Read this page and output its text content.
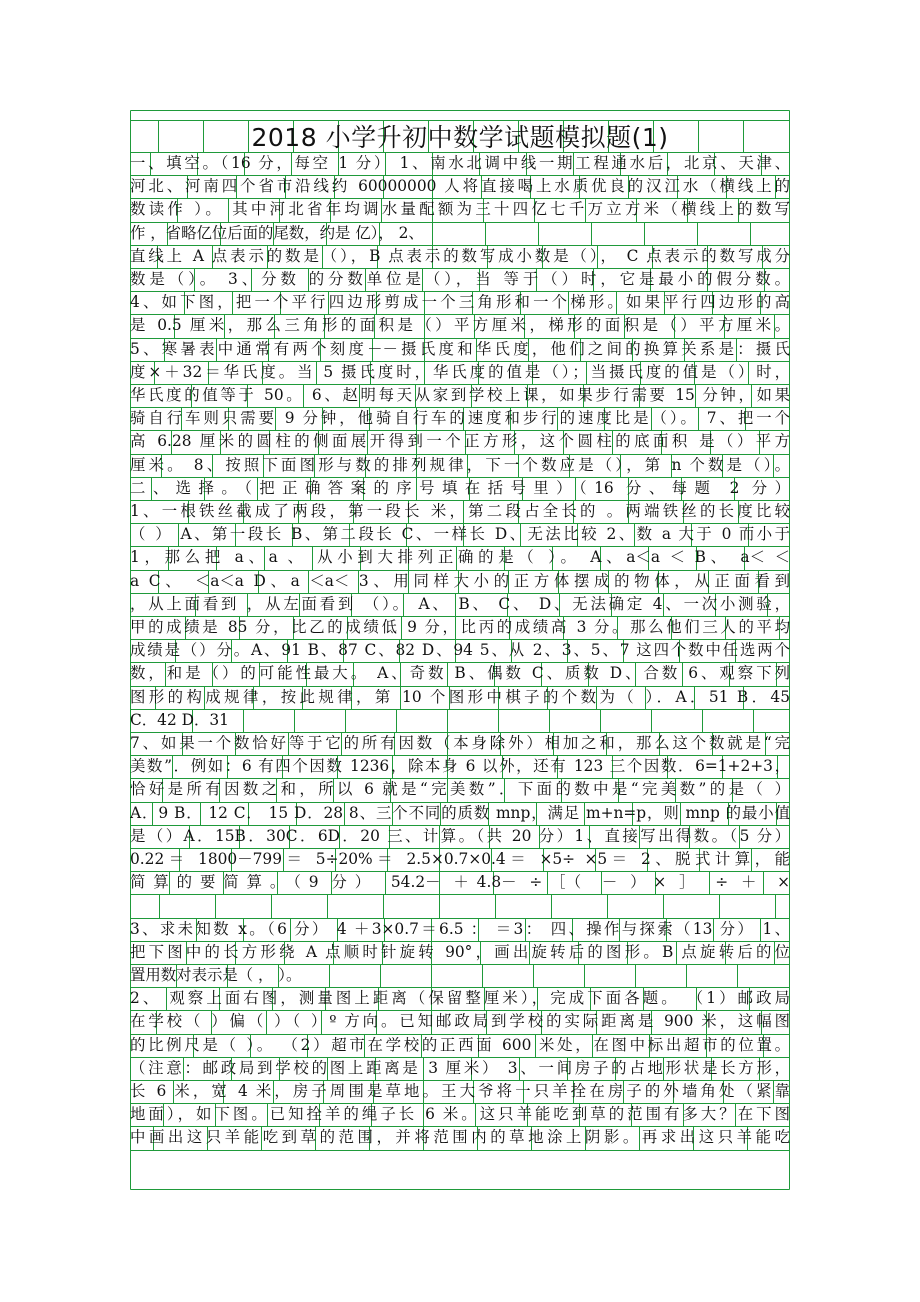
2018 小学升初中数学试题模拟题(1)
一、填空。（16 分，每空 1 分） 1、南水北调中线一期工程通水后，北京、天津、
河北、河南四个省市沿线约 60000000 人将直接喝上水质优良的汉江水（横线上的
数读作 ）。 其中河北省年均调水量配额为三十四亿七千万立方米（横线上的数写
作 ，省略亿位后面的尾数，约是 亿）， 2、
直线上 A 点表示的数是（），B 点表示的数写成小数是（）， C 点表示的数写成分
数是（）。 3、分数 的分数单位是（），当 等于（）时，它是最小的假分数。
4、如下图，把一个平行四边形剪成一个三角形和一个梯形。如果平行四边形的高
是 0.5 厘米，那么三角形的面积是（）平方厘米，梯形的面积是（）平方厘米。
5、寒暑表中通常有两个刻度－－摄氏度和华氏度，他们之间的换算关系是：摄氏
度×＋32＝华氏度。当 5 摄氏度时，华氏度的值是（）；当摄氏度的值是（）时，
华氏度的值等于 50。 6、赵明每天从家到学校上课，如果步行需要 15 分钟，如果
骑自行车则只需要 9 分钟，他骑自行车的速度和步行的速度比是（）。 7、把一个
高 6.28 厘米的圆柱的侧面展开得到一个正方形，这个圆柱的底面积 是（）平方
厘米。 8、按照下面图形与数的排列规律，下一个数应是（），第 n 个数是（）。
二、选择。（把正确答案的序号填在括号里）（16 分、每题 2 分）
1、一根铁丝截成了两段，第一段长 米，第二段占全长的 。两端铁丝的长度比较
（ ） A、第一段长 B、第二段长 C、一样长 D、无法比较 2、数 a 大于 0 而小于
1，那么把 a、a 、 从小到大排列正确的是（ ）。 A、a＜a ＜ B、 a＜ ＜
a C、 ＜a＜a D、a ＜a＜ 3、用同样大小的正方体摆成的物体，从正面看到
，从上面看到 ，从左面看到 （）。 A、 B、 C、 D、无法确定 4、一次小测验，
甲的成绩是 85 分，比乙的成绩低 9 分，比丙的成绩高 3 分。那么他们三人的平均
成绩是（）分。A、91 B、87 C、82 D、94 5、从 2、3、5、7 这四个数中任选两个
数，和是（）的可能性最大。 A、奇数 B、偶数 C、质数 D、合数 6、观察下列
图形的构成规律，按此规律，第 10 个图形中棋子的个数为（ ）．A．51 B．45
C．42 D．31
7、如果一个数恰好等于它的所有因数（本身除外）相加之和，那么这个数就是“完
美数”．例如：6 有四个因数 1236，除本身 6 以外，还有 123 三个因数．6=1+2+3，
恰好是所有因数之和，所以 6 就是“完美数”．下面的数中是“完美数”的是（ ）
A．9 B． 12 C． 15 D．28 8、三个不同的质数 mnp，满足 m+n=p，则 mnp 的最小值
是（）A．15B．30C．6D．20 三、计算。（共 20 分）1、直接写出得数。（5 分）
0.22＝ 1800－799＝ 5÷20%＝ 2.5×0.7×0.4＝ ×5÷ ×5＝ 2、脱式计算，能
简算的要简算。（9 分） 54.2－ ＋4.8－ ÷［（ － ）× ］ ÷ ＋ ×
3、求未知数 x。（6 分） 4 ＋3×0.7＝6.5 ： ＝3： 四、操作与探索（13 分） 1、
把下图中的长方形绕 A 点顺时针旋转 90°，画出旋转后的图形。B 点旋转后的位
置用数对表示是（ ， ）。
2、 观察上面右图，测量图上距离（保留整厘米），完成下面各题。 （1）邮政局
在学校（ ）偏（ ）（ ）º 方向。已知邮政局到学校的实际距离是 900 米，这幅图
的比例尺是（ ）。 （2）超市在学校的正西面 600 米处，在图中标出超市的位置。
（注意：邮政局到学校的图上距离是 3 厘米） 3、一间房子的占地形状是长方形，
长 6 米，宽 4 米，房子周围是草地。王大爷将一只羊拴在房子的外墙角处（紧靠
地面），如下图。已知拴羊的绳子长 6 米。这只羊能吃到草的范围有多大？在下图
中画出这只羊能吃到草的范围，并将范围内的草地涂上阴影。再求出这只羊能吃
